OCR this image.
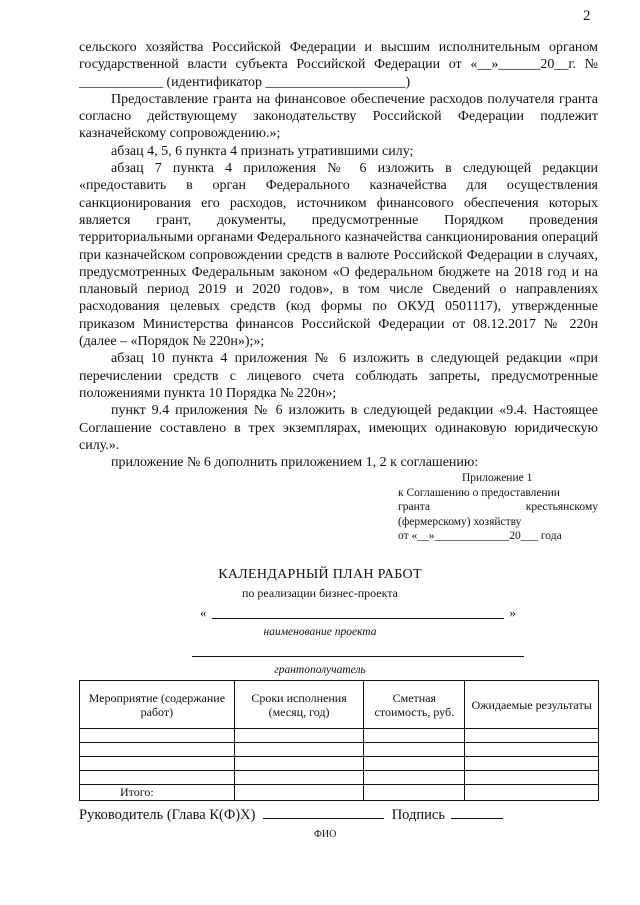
2

сельского хозяйства Российской Федерации и высшим исполнительным органом государственной власти субъекта Российской Федерации от «__»______20__г. № ____________ (идентификатор ____________________)

Предоставление гранта на финансовое обеспечение расходов получателя гранта согласно действующему законодательству Российской Федерации подлежит казначейскому сопровождению.»;

абзац 4, 5, 6 пункта 4 признать утратившими силу;

абзац 7 пункта 4 приложения № 6 изложить в следующей редакции «предоставить в орган Федерального казначейства для осуществления санкционирования его расходов, источником финансового обеспечения которых является грант, документы, предусмотренные Порядком проведения территориальными органами Федерального казначейства санкционирования операций при казначейском сопровождении средств в валюте Российской Федерации в случаях, предусмотренных Федеральным законом «О федеральном бюджете на 2018 год и на плановый период 2019 и 2020 годов», в том числе Сведений о направлениях расходования целевых средств (код формы по ОКУД 0501117), утвержденные приказом Министерства финансов Российской Федерации от 08.12.2017 № 220н (далее – «Порядок № 220н»);»;

абзац 10 пункта 4 приложения № 6 изложить в следующей редакции «при перечислении средств с лицевого счета соблюдать запреты, предусмотренные положениями пункта 10 Порядка № 220н»;

пункт 9.4 приложения № 6 изложить в следующей редакции «9.4. Настоящее Соглашение составлено в трех экземплярах, имеющих одинаковую юридическую силу.».

приложение № 6 дополнить приложением 1, 2 к соглашению:

Приложение 1
к Соглашению о предоставлении
гранта	крестьянскому
(фермерскому) хозяйству
от «__»_____________20___ года
КАЛЕНДАРНЫЙ ПЛАН РАБОТ
по реализации бизнес-проекта
«	»
наименование проекта
грантополучатель
Мероприятие (содержание работ)	Сроки исполнения (месяц, год)	Сметная стоимость, руб.	Ожидаемые результаты

Итого:			
Руководитель (Глава К(Ф)Х)	Подпись
ФИО
